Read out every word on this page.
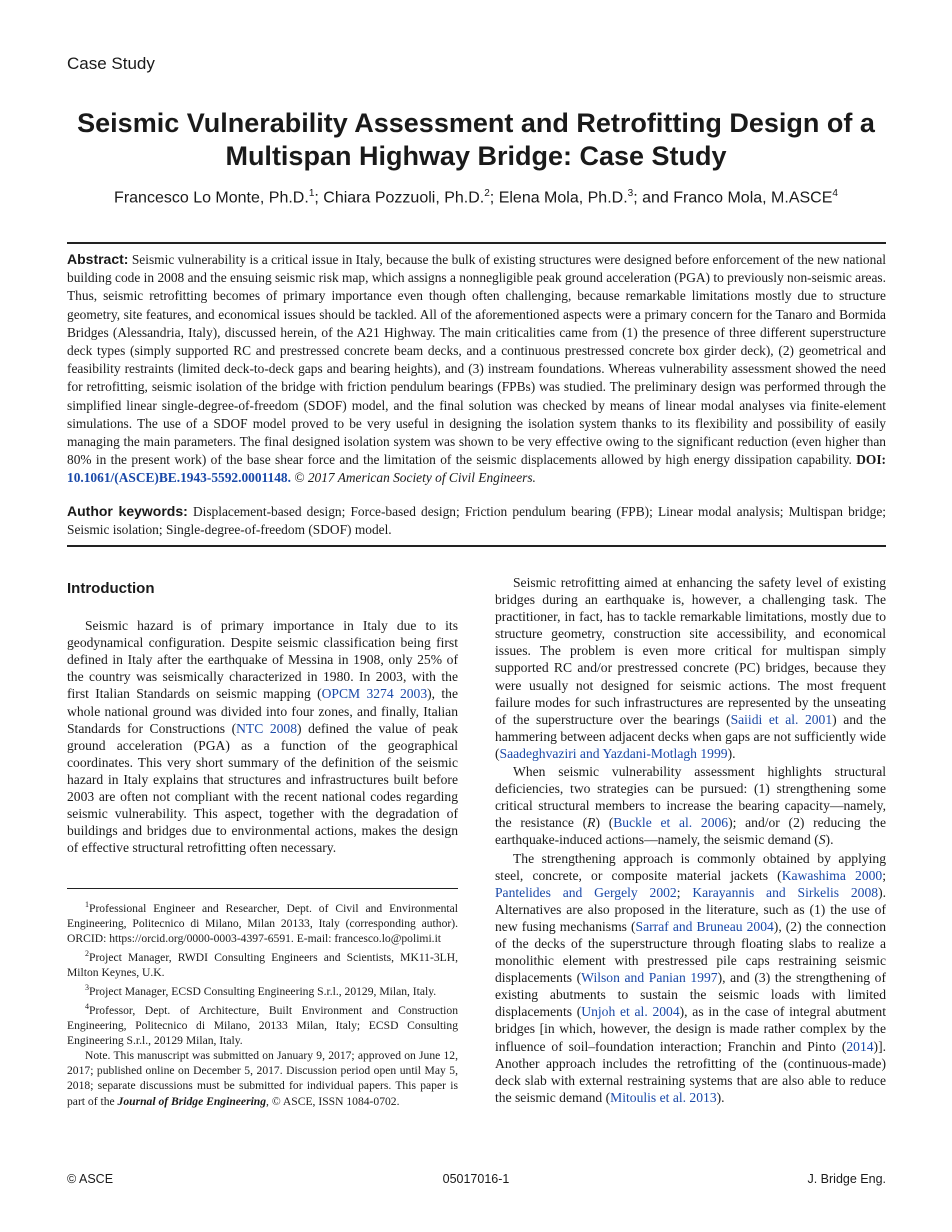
Case Study
Seismic Vulnerability Assessment and Retrofitting Design of a Multispan Highway Bridge: Case Study
Francesco Lo Monte, Ph.D.$^1$; Chiara Pozzuoli, Ph.D.$^2$; Elena Mola, Ph.D.$^3$; and Franco Mola, M.ASCE$^4$
Abstract: Seismic vulnerability is a critical issue in Italy, because the bulk of existing structures were designed before enforcement of the new national building code in 2008 and the ensuing seismic risk map, which assigns a nonnegligible peak ground acceleration (PGA) to previously non-seismic areas. Thus, seismic retrofitting becomes of primary importance even though often challenging, because remarkable limitations mostly due to structure geometry, site features, and economical issues should be tackled. All of the aforementioned aspects were a primary concern for the Tanaro and Bormida Bridges (Alessandria, Italy), discussed herein, of the A21 Highway. The main criticalities came from (1) the presence of three different superstructure deck types (simply supported RC and prestressed concrete beam decks, and a continuous prestressed concrete box girder deck), (2) geometrical and feasibility restraints (limited deck-to-deck gaps and bearing heights), and (3) instream foundations. Whereas vulnerability assessment showed the need for retrofitting, seismic isolation of the bridge with friction pendulum bearings (FPBs) was studied. The preliminary design was performed through the simplified linear single-degree-of-freedom (SDOF) model, and the final solution was checked by means of linear modal analyses via finite-element simulations. The use of a SDOF model proved to be very useful in designing the isolation system thanks to its flexibility and possibility of easily managing the main parameters. The final designed isolation system was shown to be very effective owing to the significant reduction (even higher than 80% in the present work) of the base shear force and the limitation of the seismic displacements allowed by high energy dissipation capability. DOI: 10.1061/(ASCE)BE.1943-5592.0001148. © 2017 American Society of Civil Engineers.
Author keywords: Displacement-based design; Force-based design; Friction pendulum bearing (FPB); Linear modal analysis; Multispan bridge; Seismic isolation; Single-degree-of-freedom (SDOF) model.
Introduction

Seismic hazard is of primary importance in Italy due to its geodynamical configuration. Despite seismic classification being first defined in Italy after the earthquake of Messina in 1908, only 25% of the country was seismically characterized in 1980. In 2003, with the first Italian Standards on seismic mapping (OPCM 3274 2003), the whole national ground was divided into four zones, and finally, Italian Standards for Constructions (NTC 2008) defined the value of peak ground acceleration (PGA) as a function of the geographical coordinates. This very short summary of the definition of the seismic hazard in Italy explains that structures and infrastructures built before 2003 are often not compliant with the recent national codes regarding seismic vulnerability. This aspect, together with the degradation of buildings and bridges due to environmental actions, makes the design of effective structural retrofitting often necessary.

$^1$Professional Engineer and Researcher, Dept. of Civil and Environmental Engineering, Politecnico di Milano, Milan 20133, Italy (corresponding author). ORCID: https://orcid.org/0000-0003-4397-6591. E-mail: francesco.lo@polimi.it

$^2$Project Manager, RWDI Consulting Engineers and Scientists, MK11-3LH, Milton Keynes, U.K.

$^3$Project Manager, ECSD Consulting Engineering S.r.l., 20129, Milan, Italy.

$^4$Professor, Dept. of Architecture, Built Environment and Construction Engineering, Politecnico di Milano, 20133 Milan, Italy; ECSD Consulting Engineering S.r.l., 20129 Milan, Italy.

Note. This manuscript was submitted on January 9, 2017; approved on June 12, 2017; published online on December 5, 2017. Discussion period open until May 5, 2018; separate discussions must be submitted for individual papers. This paper is part of the Journal of Bridge Engineering, © ASCE, ISSN 1084-0702.

Seismic retrofitting aimed at enhancing the safety level of existing bridges during an earthquake is, however, a challenging task. The practitioner, in fact, has to tackle remarkable limitations, mostly due to structure geometry, construction site accessibility, and economical issues. The problem is even more critical for multispan simply supported RC and/or prestressed concrete (PC) bridges, because they were usually not designed for seismic actions. The most frequent failure modes for such infrastructures are represented by the unseating of the superstructure over the bearings (Saiidi et al. 2001) and the hammering between adjacent decks when gaps are not sufficiently wide (Saadeghvaziri and Yazdani-Motlagh 1999).

When seismic vulnerability assessment highlights structural deficiencies, two strategies can be pursued: (1) strengthening some critical structural members to increase the bearing capacity—namely, the resistance (R) (Buckle et al. 2006); and/or (2) reducing the earthquake-induced actions—namely, the seismic demand (S).

The strengthening approach is commonly obtained by applying steel, concrete, or composite material jackets (Kawashima 2000; Pantelides and Gergely 2002; Karayannis and Sirkelis 2008). Alternatives are also proposed in the literature, such as (1) the use of new fusing mechanisms (Sarraf and Bruneau 2004), (2) the connection of the decks of the superstructure through floating slabs to realize a monolithic element with prestressed pile caps restraining seismic displacements (Wilson and Panian 1997), and (3) the strengthening of existing abutments to sustain the seismic loads with limited displacements (Unjoh et al. 2004), as in the case of integral abutment bridges [in which, however, the design is made rather complex by the influence of soil–foundation interaction; Franchin and Pinto (2014)]. Another approach includes the retrofitting of the (continuous-made) deck slab with external restraining systems that are also able to reduce the seismic demand (Mitoulis et al. 2013).

© ASCE	05017016-1	J. Bridge Eng.
